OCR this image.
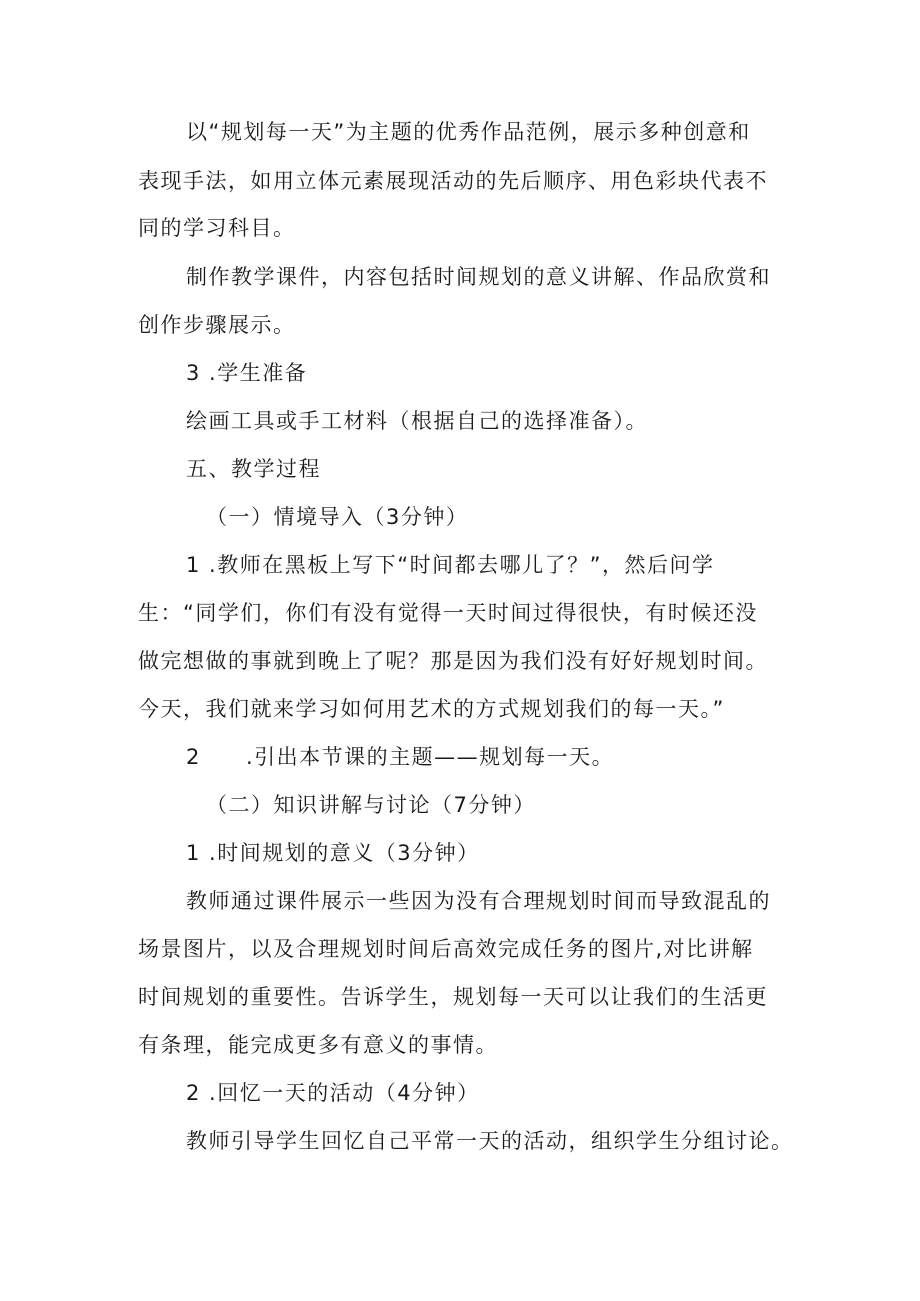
以“规划每一天”为主题的优秀作品范例，展示多种创意和
表现手法，如用立体元素展现活动的先后顺序、用色彩块代表不
同的学习科目。
制作教学课件，内容包括时间规划的意义讲解、作品欣赏和
创作步骤展示。
3 .学生准备
绘画工具或手工材料（根据自己的选择准备）。
五、教学过程
（一）情境导入（3分钟）
1 .教师在黑板上写下“时间都去哪儿了？”，然后问学
生：“同学们，你们有没有觉得一天时间过得很快，有时候还没
做完想做的事就到晚上了呢？那是因为我们没有好好规划时间。
今天，我们就来学习如何用艺术的方式规划我们的每一天。”
2 .引出本节课的主题——规划每一天。
（二）知识讲解与讨论（7分钟）
1 .时间规划的意义（3分钟）
教师通过课件展示一些因为没有合理规划时间而导致混乱的
场景图片，以及合理规划时间后高效完成任务的图片,对比讲解
时间规划的重要性。告诉学生，规划每一天可以让我们的生活更
有条理，能完成更多有意义的事情。
2 .回忆一天的活动（4分钟）
教师引导学生回忆自己平常一天的活动，组织学生分组讨论。
